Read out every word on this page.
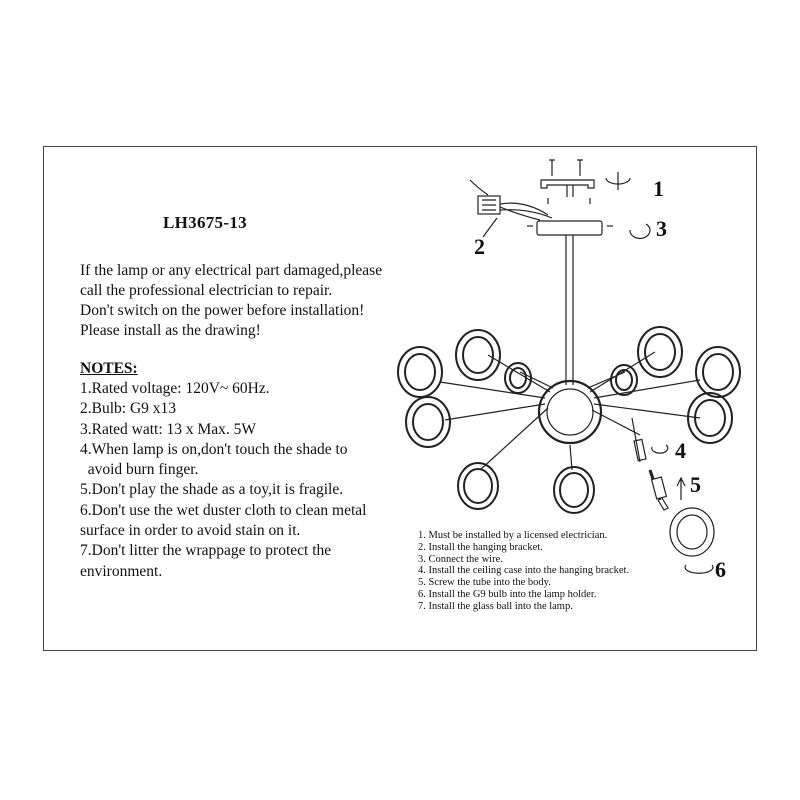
LH3675-13
If the lamp or any electrical part damaged,please
call the professional electrician to repair.
Don't switch on the power before installation!
Please install as the drawing!
NOTES:
1.Rated voltage: 120V~ 60Hz.
2.Bulb: G9 x13
3.Rated watt: 13 x Max. 5W
4.When lamp is on,don't touch the shade to
avoid burn finger.
5.Don't play the shade as a toy,it is fragile.
6.Don't use the wet duster cloth to clean metal
surface in order to avoid stain on it.
7.Don't litter the wrappage to protect the
environment.
1. Must be installed by a licensed electrician.
2. Install the hanging bracket.
3. Connect the wire.
4. Install the ceiling case into the hanging bracket.
5. Screw the tube into the body.
6. Install the G9 bulb into the lamp holder.
7. Install the glass ball into the lamp.
1
2
3
4
5
6
